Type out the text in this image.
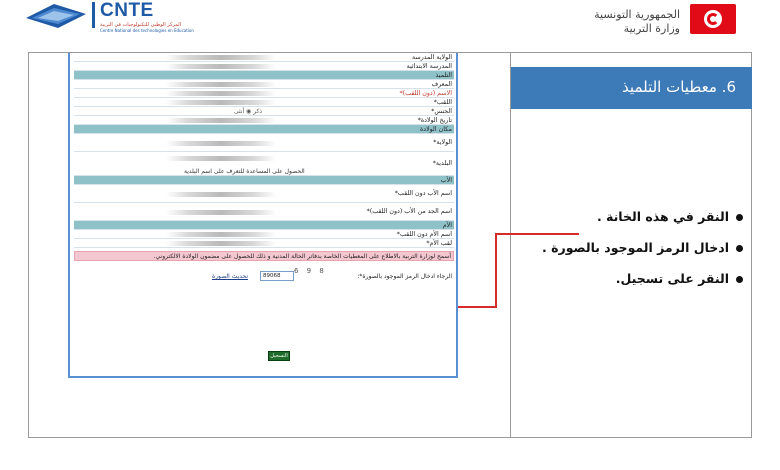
CNTE
المركز الوطني للتكنولوجيات في التربية
Centre National des technologies en Education
الجمهورية التونسية
وزارة التربية
6. معطيات التلميذ
النقر في هذه الخانة .
ادخال الرمز الموجود بالصورة .
النقر على تسجيل.
الولاية المدرسة
المدرسة الابتدائية
التلميذ
المعرف
الاسم (دون اللقب)*
اللقب*
الجنس*
ذكر ◉ أنثى
تاريخ الولادة*
مكان الولادة
الولاية*
البلدية*
الحصول على المساعدة للتعرف على اسم البلدية
الأب
اسم الأب دون اللقب*
اسم الجد من الأب (دون اللقب)*
الأم
اسم الأم دون اللقب*
لقب الأم*
أسمح لوزارة التربية بالاطلاع على المعطيات الخاصة بدفاتر الحالة المدنية و ذلك للحصول على مضمون الولادة الالكتروني.
الرجاء ادخال الرمز الموجود بالصورة*:
6 9 8
89068
تحديث الصورة
التسجيل
